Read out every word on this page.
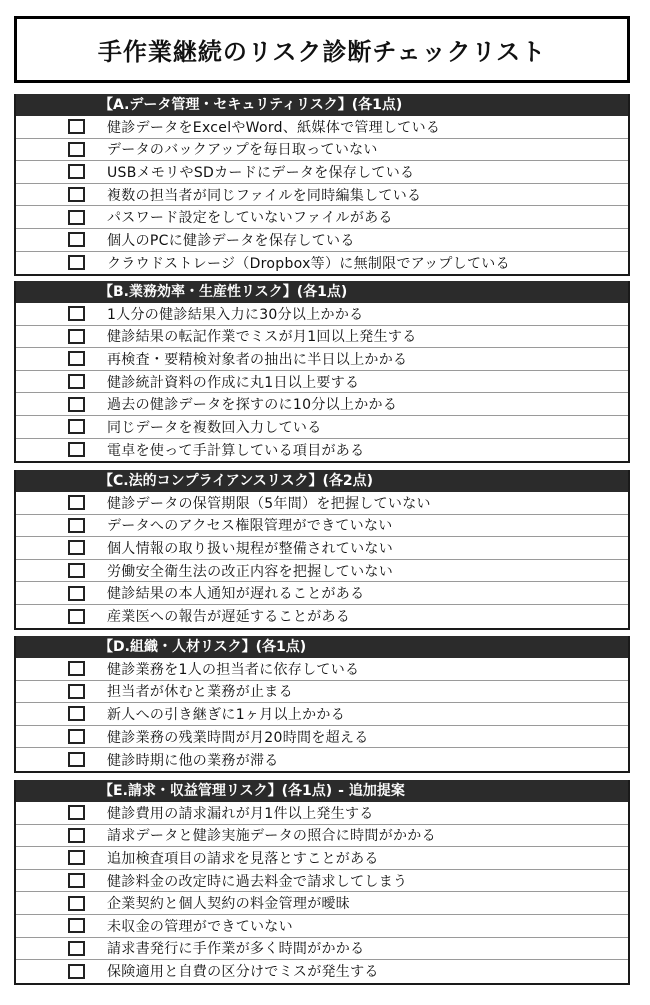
手作業継続のリスク診断チェックリスト
【A.データ管理・セキュリティリスク】(各1点)
健診データをExcelやWord、紙媒体で管理している
データのバックアップを毎日取っていない
USBメモリやSDカードにデータを保存している
複数の担当者が同じファイルを同時編集している
パスワード設定をしていないファイルがある
個人のPCに健診データを保存している
クラウドストレージ（Dropbox等）に無制限でアップしている
【B.業務効率・生産性リスク】(各1点)
1人分の健診結果入力に30分以上かかる
健診結果の転記作業でミスが月1回以上発生する
再検査・要精検対象者の抽出に半日以上かかる
健診統計資料の作成に丸1日以上要する
過去の健診データを探すのに10分以上かかる
同じデータを複数回入力している
電卓を使って手計算している項目がある
【C.法的コンプライアンスリスク】(各2点)
健診データの保管期限（5年間）を把握していない
データへのアクセス権限管理ができていない
個人情報の取り扱い規程が整備されていない
労働安全衛生法の改正内容を把握していない
健診結果の本人通知が遅れることがある
産業医への報告が遅延することがある
【D.組織・人材リスク】(各1点)
健診業務を1人の担当者に依存している
担当者が休むと業務が止まる
新人への引き継ぎに1ヶ月以上かかる
健診業務の残業時間が月20時間を超える
健診時期に他の業務が滞る
【E.請求・収益管理リスク】(各1点) - 追加提案
健診費用の請求漏れが月1件以上発生する
請求データと健診実施データの照合に時間がかかる
追加検査項目の請求を見落とすことがある
健診料金の改定時に過去料金で請求してしまう
企業契約と個人契約の料金管理が曖昧
未収金の管理ができていない
請求書発行に手作業が多く時間がかかる
保険適用と自費の区分けでミスが発生する
